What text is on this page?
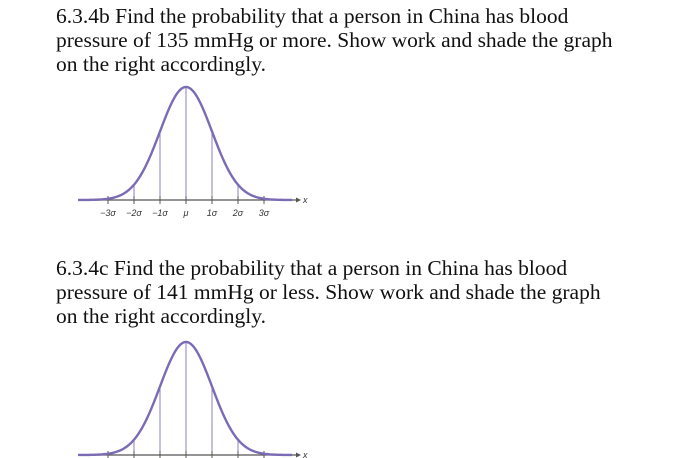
6.3.4b Find the probability that a person in China has blood
pressure of 135 mmHg or more. Show work and shade the graph
on the right accordingly.

x
−3σ −2σ −1σ μ 1σ 2σ 3σ

6.3.4c Find the probability that a person in China has blood
pressure of 141 mmHg or less. Show work and shade the graph
on the right accordingly.

x
